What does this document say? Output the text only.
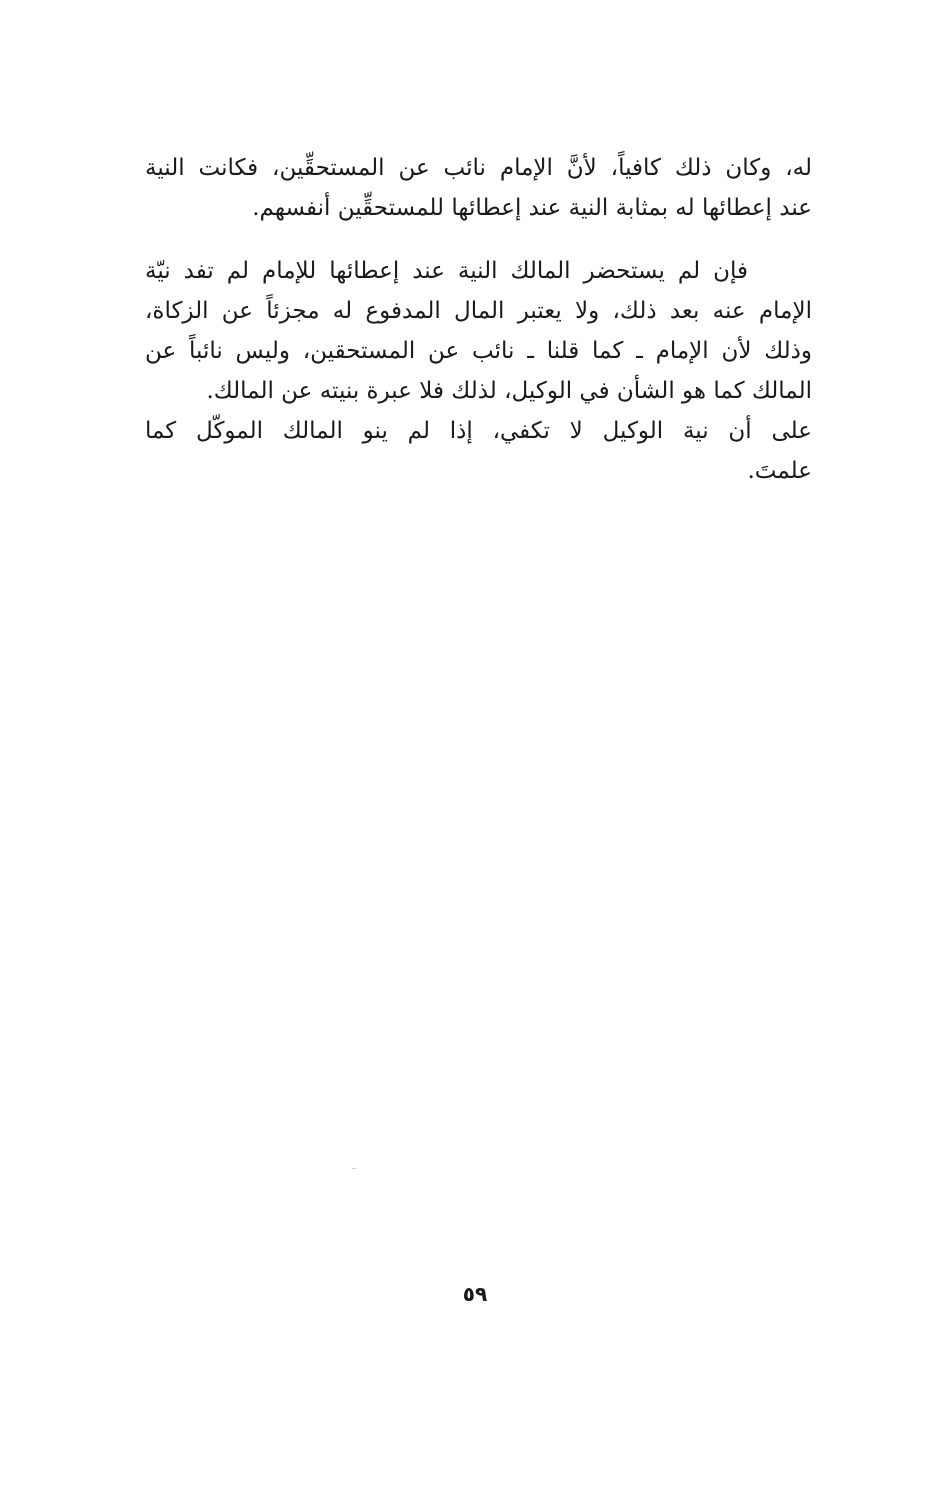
له، وكان ذلك كافياً، لأنَّ الإمام نائب عن المستحقِّين، فكانت النية
عند إعطائها له بمثابة النية عند إعطائها للمستحقِّين أنفسهم.
فإن لم يستحضر المالك النية عند إعطائها للإمام لم تفد نيّة
الإمام عنه بعد ذلك، ولا يعتبر المال المدفوع له مجزئاً عن الزكاة،
وذلك لأن الإمام ـ كما قلنا ـ نائب عن المستحقين، وليس نائباً عن
المالك كما هو الشأن في الوكيل، لذلك فلا عبرة بنيته عن المالك.
على أن نية الوكيل لا تكفي، إذا لم ينو المالك الموكّل كما
علمتَ.
٥٩
